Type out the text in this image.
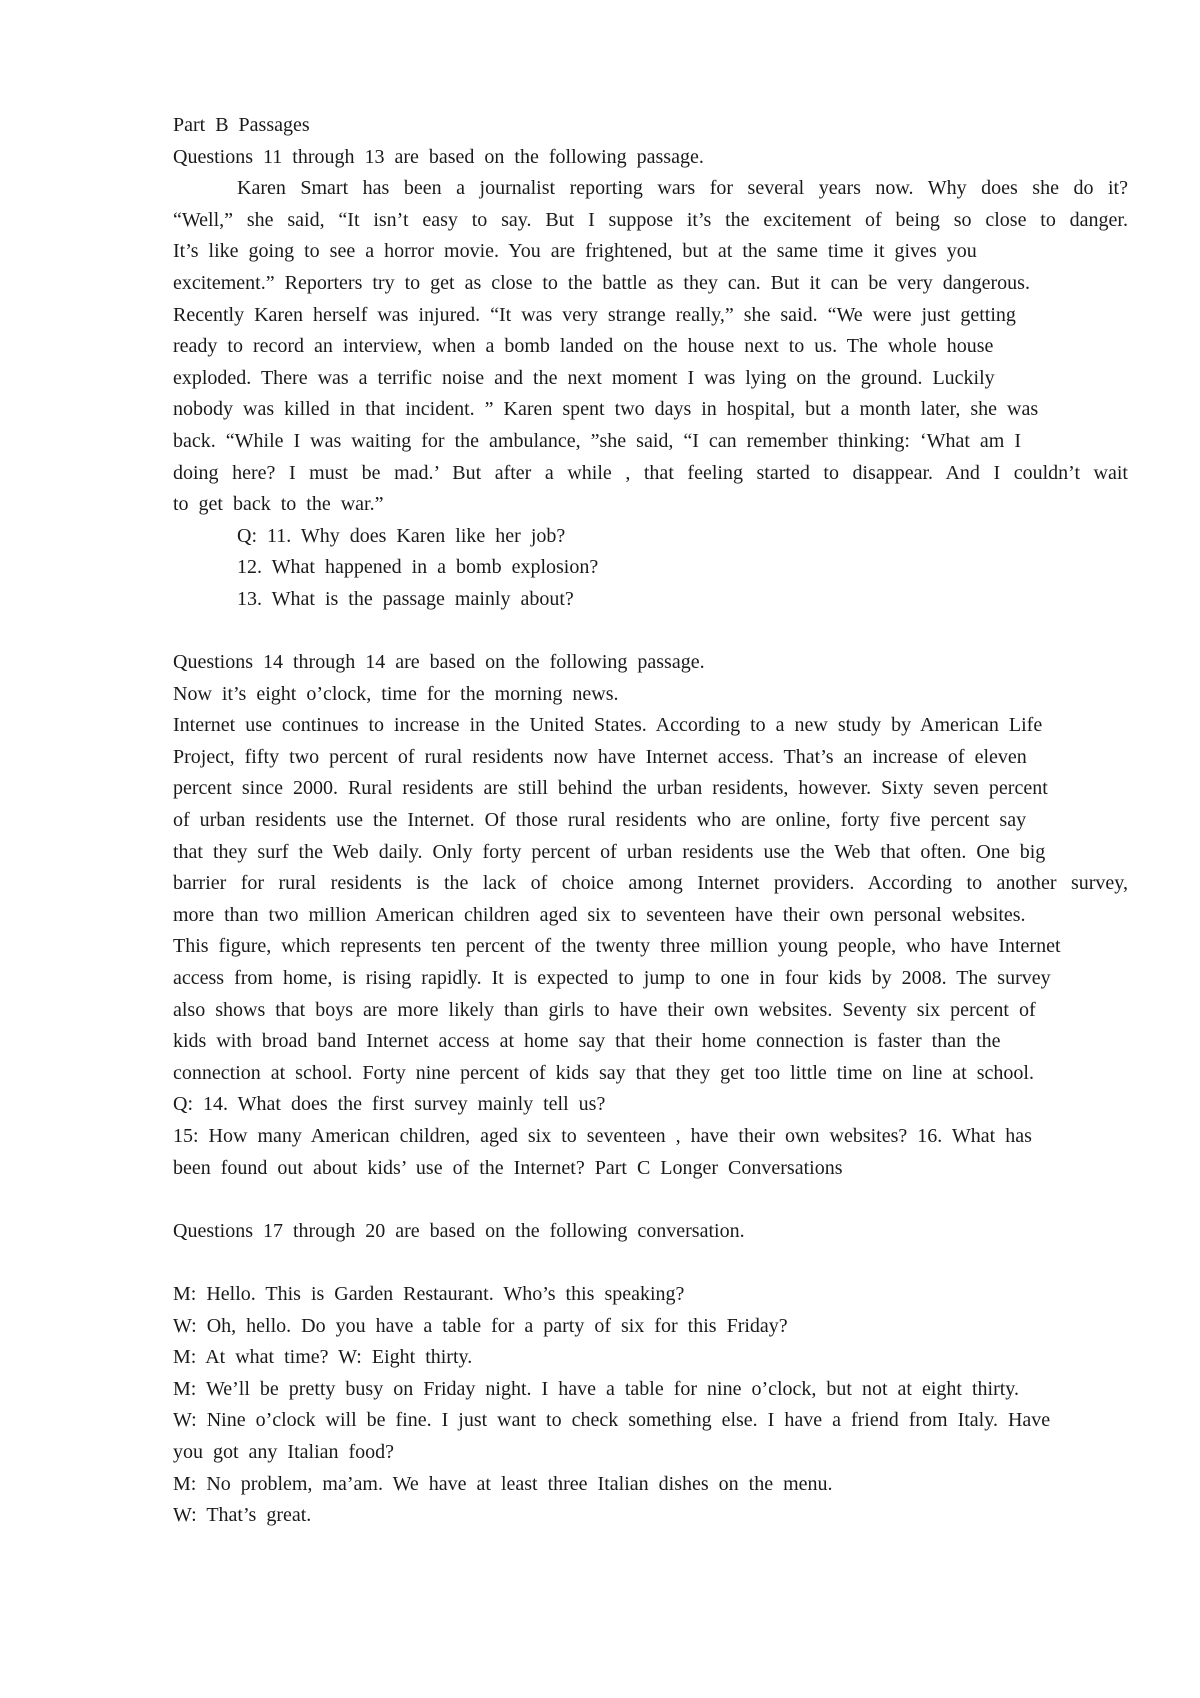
Part B Passages
Questions 11 through 13 are based on the following passage.
Karen Smart has been a journalist reporting wars for several years now. Why does she do it?
“Well,” she said, “It isn’t easy to say. But I suppose it’s the excitement of being so close to danger.
It’s like going to see a horror movie. You are frightened, but at the same time it gives you
excitement.” Reporters try to get as close to the battle as they can. But it can be very dangerous.
Recently Karen herself was injured. “It was very strange really,” she said. “We were just getting
ready to record an interview, when a bomb landed on the house next to us. The whole house
exploded. There was a terrific noise and the next moment I was lying on the ground. Luckily
nobody was killed in that incident. ” Karen spent two days in hospital, but a month later, she was
back. “While I was waiting for the ambulance, ”she said, “I can remember thinking: ‘What am I
doing here? I must be mad.’ But after a while , that feeling started to disappear. And I couldn’t wait
to get back to the war.”
Q: 11. Why does Karen like her job?
12. What happened in a bomb explosion?
13. What is the passage mainly about?
Questions 14 through 14 are based on the following passage.
Now it’s eight o’clock, time for the morning news.
Internet use continues to increase in the United States. According to a new study by American Life
Project, fifty two percent of rural residents now have Internet access. That’s an increase of eleven
percent since 2000. Rural residents are still behind the urban residents, however. Sixty seven percent
of urban residents use the Internet. Of those rural residents who are online, forty five percent say
that they surf the Web daily. Only forty percent of urban residents use the Web that often. One big
barrier for rural residents is the lack of choice among Internet providers. According to another survey,
more than two million American children aged six to seventeen have their own personal websites.
This figure, which represents ten percent of the twenty three million young people, who have Internet
access from home, is rising rapidly. It is expected to jump to one in four kids by 2008. The survey
also shows that boys are more likely than girls to have their own websites. Seventy six percent of
kids with broad band Internet access at home say that their home connection is faster than the
connection at school. Forty nine percent of kids say that they get too little time on line at school.
Q: 14. What does the first survey mainly tell us?
15: How many American children, aged six to seventeen , have their own websites? 16. What has
been found out about kids’ use of the Internet? Part C Longer Conversations
Questions 17 through 20 are based on the following conversation.
M: Hello. This is Garden Restaurant. Who’s this speaking?
W: Oh, hello. Do you have a table for a party of six for this Friday?
M: At what time? W: Eight thirty.
M: We’ll be pretty busy on Friday night. I have a table for nine o’clock, but not at eight thirty.
W: Nine o’clock will be fine. I just want to check something else. I have a friend from Italy. Have
you got any Italian food?
M: No problem, ma’am. We have at least three Italian dishes on the menu.
W: That’s great.
